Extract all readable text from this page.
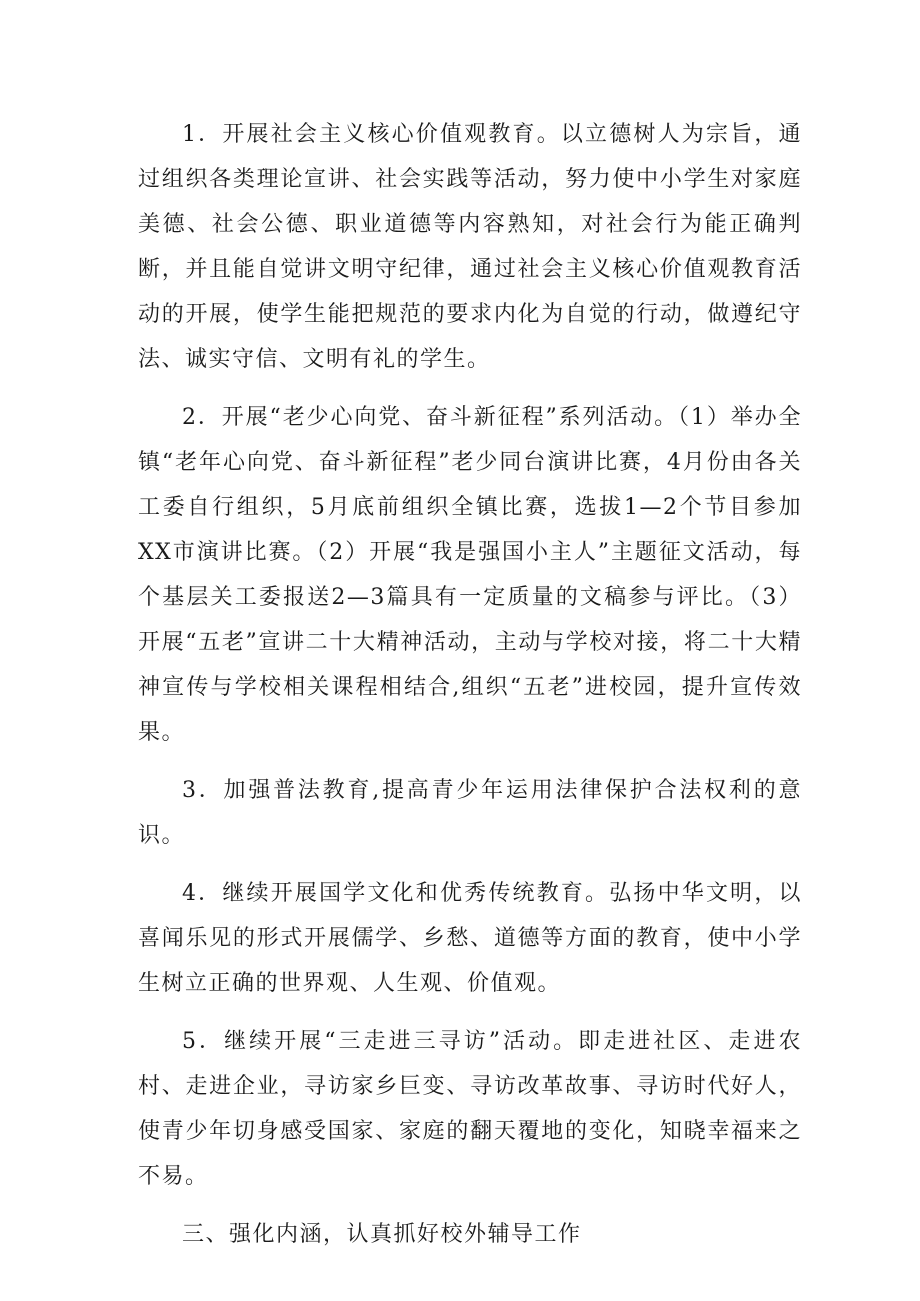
1．开展社会主义核心价值观教育。以立德树人为宗旨，通过组织各类理论宣讲、社会实践等活动，努力使中小学生对家庭美德、社会公德、职业道德等内容熟知，对社会行为能正确判断，并且能自觉讲文明守纪律，通过社会主义核心价值观教育活动的开展，使学生能把规范的要求内化为自觉的行动，做遵纪守法、诚实守信、文明有礼的学生。

2．开展“老少心向党、奋斗新征程”系列活动。（1）举办全镇“老年心向党、奋斗新征程”老少同台演讲比赛，4月份由各关工委自行组织，5月底前组织全镇比赛，选拔1—2个节目参加XX市演讲比赛。（2）开展“我是强国小主人”主题征文活动，每个基层关工委报送2—3篇具有一定质量的文稿参与评比。（3）开展“五老”宣讲二十大精神活动，主动与学校对接，将二十大精神宣传与学校相关课程相结合,组织“五老”进校园，提升宣传效果。

3．加强普法教育,提高青少年运用法律保护合法权利的意识。

4．继续开展国学文化和优秀传统教育。弘扬中华文明，以喜闻乐见的形式开展儒学、乡愁、道德等方面的教育，使中小学生树立正确的世界观、人生观、价值观。

5．继续开展“三走进三寻访”活动。即走进社区、走进农村、走进企业，寻访家乡巨变、寻访改革故事、寻访时代好人，使青少年切身感受国家、家庭的翻天覆地的变化，知晓幸福来之不易。

三、强化内涵，认真抓好校外辅导工作
